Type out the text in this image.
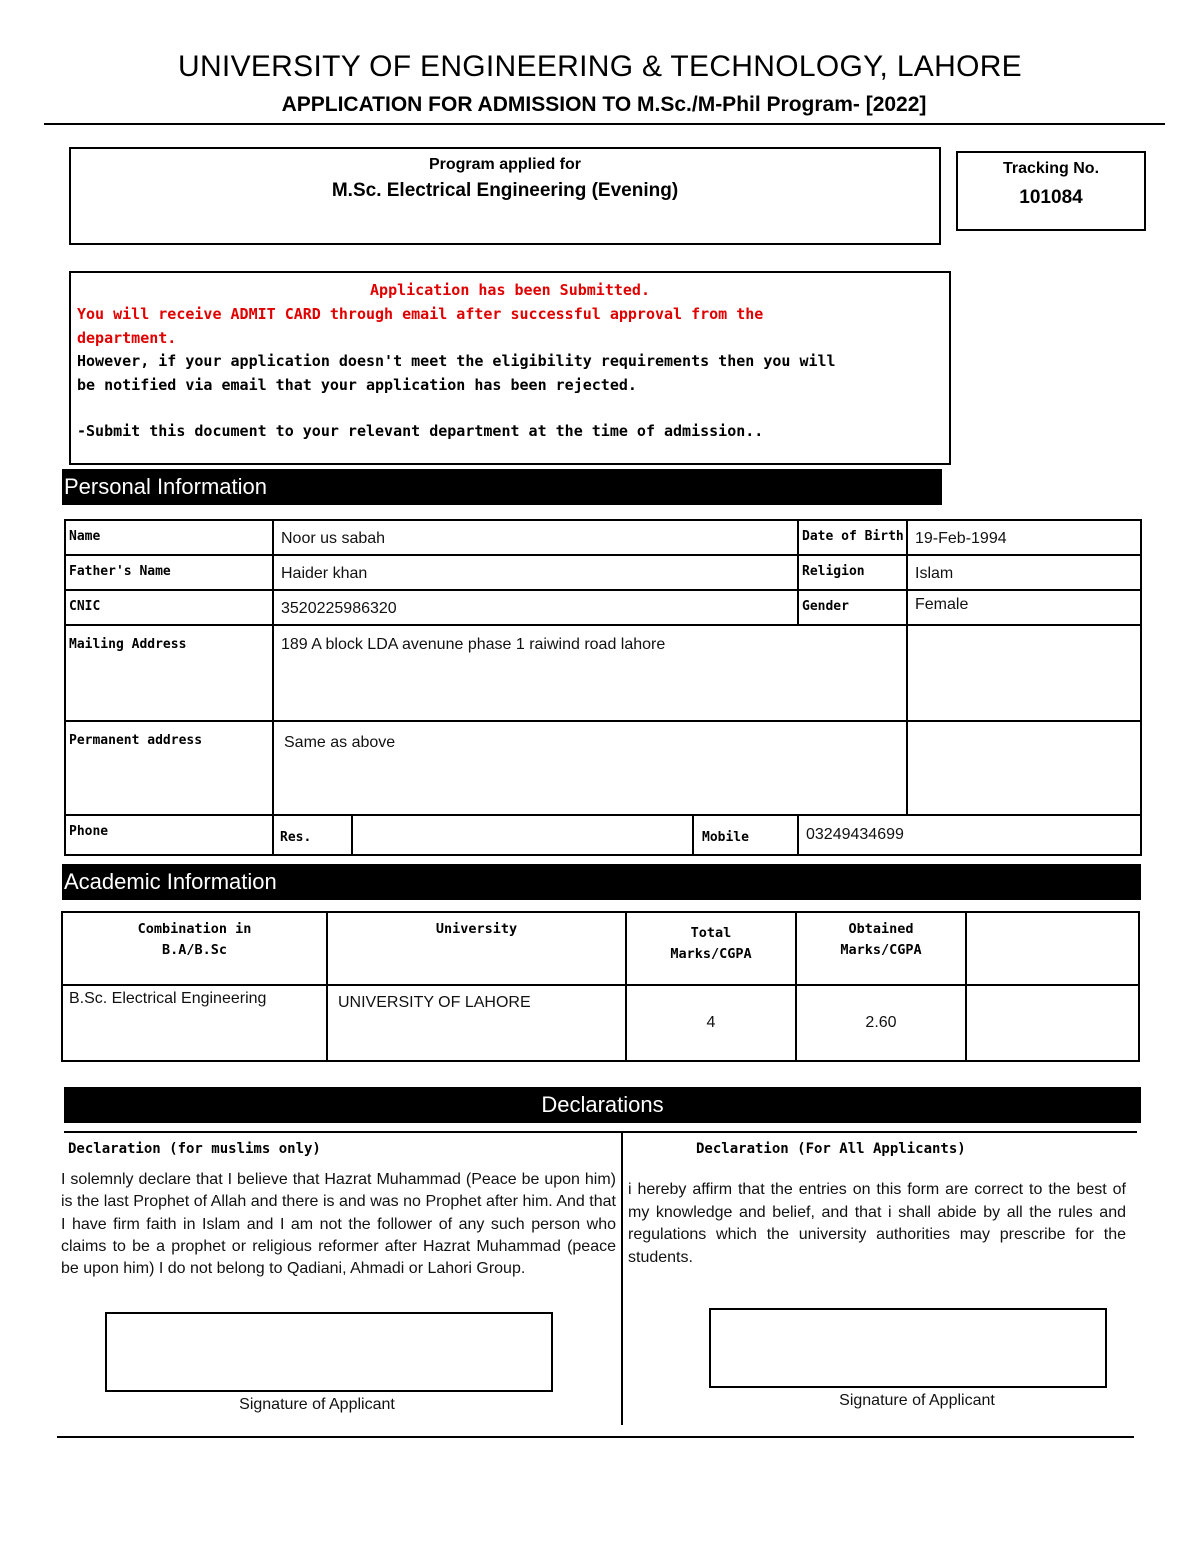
UNIVERSITY OF ENGINEERING & TECHNOLOGY, LAHORE
APPLICATION FOR ADMISSION TO M.Sc./M-Phil Program- [2022]
Program applied for
M.Sc. Electrical Engineering (Evening)
Tracking No.
101084
Application has been Submitted.
You will receive ADMIT CARD through email after successful approval from the department.
However, if your application doesn't meet the eligibility requirements then you will be notified via email that your application has been rejected.
-Submit this document to your relevant department at the time of admission..
Personal Information
Name	Noor us sabah			Date of Birth	19-Feb-1994
Father's Name	Haider khan			Religion	Islam
CNIC	3520225986320			Gender	Female
Mailing Address	189 A block LDA avenune phase 1 raiwind road lahore				
Permanent address	Same as above				
Phone	Res.		Mobile	03249434699	
Academic Information
Combination in B.A/B.Sc	University	Total Marks/CGPA	Obtained Marks/CGPA	

B.Sc. Electrical Engineering	UNIVERSITY OF LAHORE	4	2.60	
Declarations
Declaration (for muslims only)
I solemnly declare that I believe that Hazrat Muhammad (Peace be upon him) is the last Prophet of Allah and there is and was no Prophet after him. And that I have firm faith in Islam and I am not the follower of any such person who claims to be a prophet or religious reformer after Hazrat Muhammad (peace be upon him) I do not belong to Qadiani, Ahmadi or Lahori Group.
Signature of Applicant
Declaration (For All Applicants)
i hereby affirm that the entries on this form are correct to the best of my knowledge and belief, and that i shall abide by all the rules and regulations which the university authorities may prescribe for the students.
Signature of Applicant
